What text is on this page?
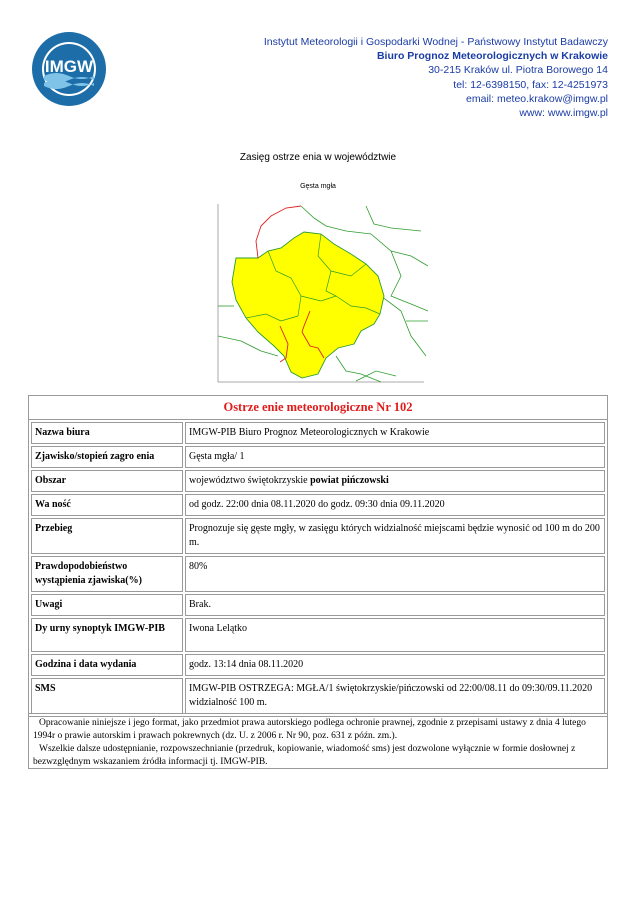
IMGW
Instytut Meteorologii i Gospodarki Wodnej - Państwowy Instytut Badawczy
Biuro Prognoz Meteorologicznych w Krakowie
30-215 Kraków ul. Piotra Borowego 14
tel: 12-6398150, fax: 12-4251973
email: meteo.krakow@imgw.pl
www: www.imgw.pl
Zasięg ostrze enia w województwie
Gęsta mgła
Ostrze enie meteorologiczne Nr 102
Nazwa biura	IMGW-PIB Biuro Prognoz Meteorologicznych w Krakowie
Zjawisko/stopień zagro enia	Gęsta mgła/ 1
Obszar	województwo świętokrzyskie powiat pińczowski
Wa ność	od godz. 22:00 dnia 08.11.2020 do godz. 09:30 dnia 09.11.2020
Przebieg	Prognozuje się gęste mgły, w zasięgu których widzialność miejscami będzie wynosić od 100 m do 200 m.
Prawdopodobieństwo wystąpienia zjawiska(%)	80%
Uwagi	Brak.
Dy urny synoptyk IMGW-PIB	Iwona Lelątko
Godzina i data wydania	godz. 13:14 dnia 08.11.2020
SMS	IMGW-PIB OSTRZEGA: MGŁA/1 świętokrzyskie/pińczowski od 22:00/08.11 do 09:30/09.11.2020 widzialność 100 m.

Opracowanie niniejsze i jego format, jako przedmiot prawa autorskiego podlega ochronie prawnej, zgodnie z przepisami ustawy z dnia 4 lutego 1994r o prawie autorskim i prawach pokrewnych (dz. U. z 2006 r. Nr 90, poz. 631 z późn. zm.).

Wszelkie dalsze udostępnianie, rozpowszechnianie (przedruk, kopiowanie, wiadomość sms) jest dozwolone wyłącznie w formie dosłownej z bezwzględnym wskazaniem źródła informacji tj. IMGW-PIB.
